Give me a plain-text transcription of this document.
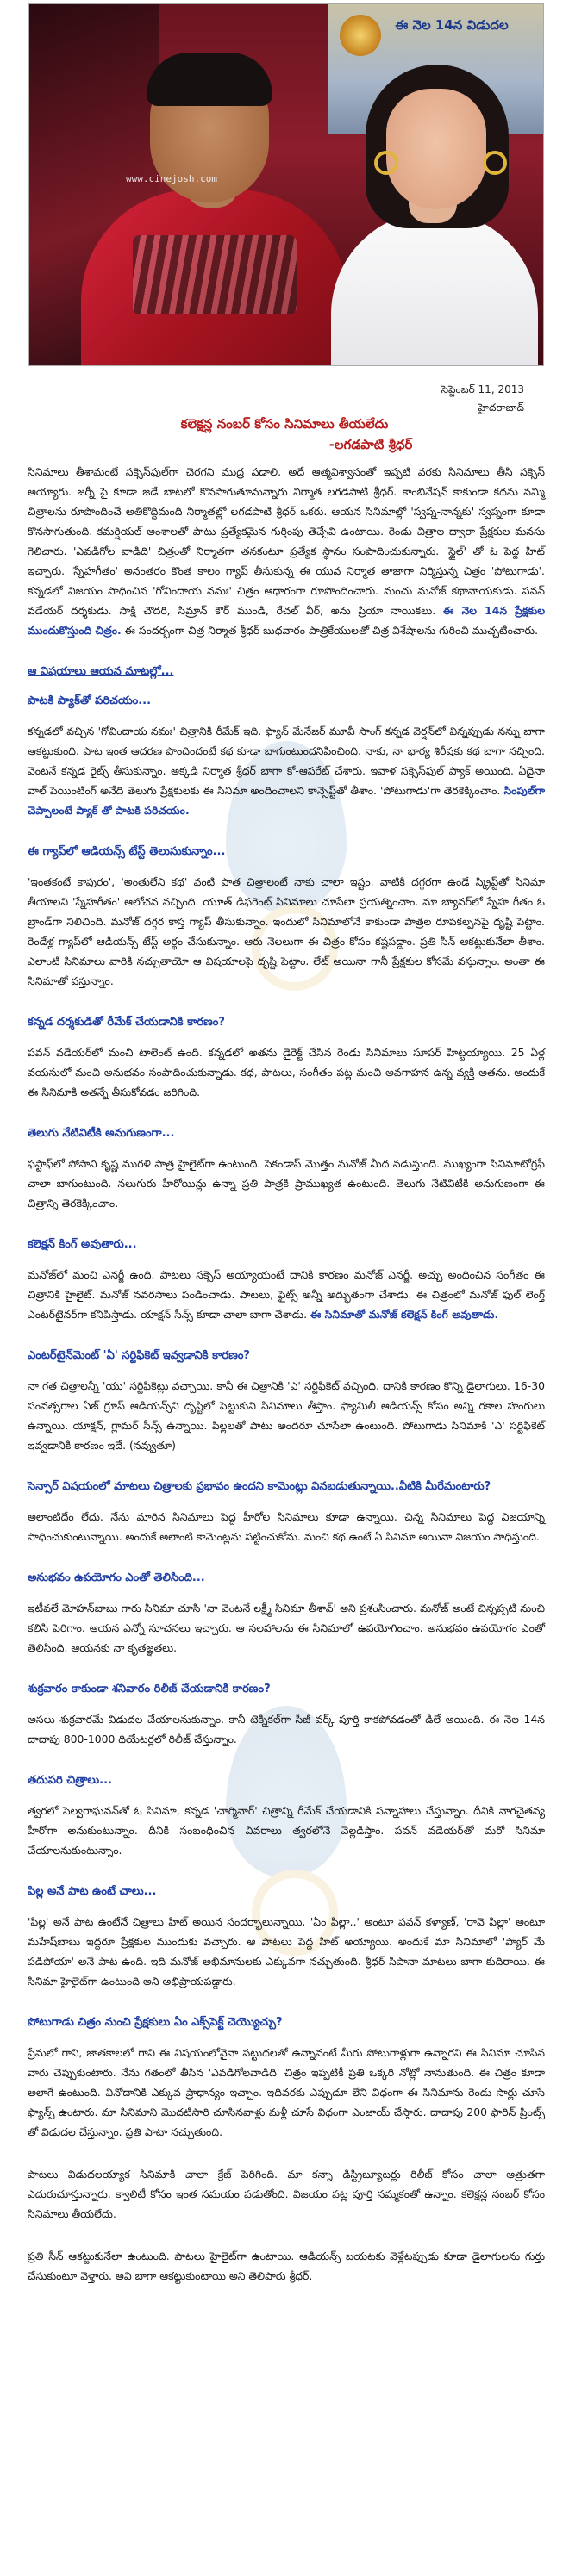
ఈ నెల 14న విడుదల
www.cinejosh.com
సెప్టెంబర్ 11, 2013
హైదరాబాద్
కలెక్షన్ల నంబర్ కోసం సినిమాలు తీయలేదు
-లగడపాటి శ్రీధర్

సినిమాలు తీశామంటే సక్సెస్‌ఫుల్‌గా చెరగని ముద్ర పడాలి. అదే ఆత్మవిశ్వాసంతో ఇప్పటి వరకు సినిమాలు తీసి సక్సెస్ అయ్యారు. జర్నీ పై కూడా జడే బాటలో కొనసాగుతూనున్నారు నిర్మాత లగడపాటి శ్రీధర్. కాంబినేషన్ కాకుండా కథను నమ్మి చిత్రాలను రూపొందించే అతికొద్దిమంది నిర్మాతల్లో లగడపాటి శ్రీధర్ ఒకరు. ఆయన సినిమాల్లో 'స్వప్న-నాన్నకు' స్వప్నంగా కూడా కొనసాగుతుంది. కమర్షియల్ అంశాలతో పాటు ప్రత్యేకమైన గుర్తింపు తెచ్చేవి ఉంటాయి. రెండు చిత్రాల ద్వారా ప్రేక్షకుల మనసు గెలిచారు. 'ఎవడిగోల వాడిది' చిత్రంతో నిర్మాతగా తనకంటూ ప్రత్యేక స్థానం సంపాదించుకున్నారు. 'స్టైల్' తో ఓ పెద్ద హిట్ ఇచ్చారు. 'స్నేహగీతం' అనంతరం కొంత కాలం గ్యాప్ తీసుకున్న ఈ యువ నిర్మాత తాజాగా నిర్మిస్తున్న చిత్రం 'పోటుగాడు'. కన్నడలో విజయం సాధించిన 'గోవిందాయ నమః' చిత్రం ఆధారంగా రూపొందించారు. మంచు మనోజ్ కథానాయకుడు. పవన్ వడేయర్ దర్శకుడు. సాక్షి చౌదరి, సిమ్రాన్ కౌర్ ముండి, రేచల్ వీర్, అను ప్రియా నాయికలు. ఈ నెల 14న ప్రేక్షకుల ముందుకొస్తుంది చిత్రం. ఈ సందర్భంగా చిత్ర నిర్మాత శ్రీధర్ బుధవారం పాత్రికేయులతో చిత్ర విశేషాలను గురించి ముచ్చటించారు.

ఆ విషయాలు ఆయన మాటల్లో...
పాటకి ప్యాక్‌తో పరిచయం...

కన్నడలో వచ్చిన 'గోవిందాయ నమః' చిత్రానికి రీమేక్ ఇది. ఫ్యాన్ మేనేజర్ మూవీ సాంగ్ కన్నడ వెర్షన్‌లో విన్నప్పుడు నన్ను బాగా ఆకట్టుకుంది. పాట ఇంత ఆదరణ పొందిందంటే కథ కూడా బాగుంటుందనిపించింది. నాకు, నా భార్య శిరీషకు కథ బాగా నచ్చింది. వెంటనే కన్నడ రైట్స్ తీసుకున్నాం. అక్కడి నిర్మాత శ్రీధర్ బాగా కో-ఆపరేట్ చేశారు. ఇవాళ సక్సెస్‌ఫుల్ ప్యాక్ అయింది. ఏదైనా వాల్ పెయింటింగ్ అనేది తెలుగు ప్రేక్షకులకు ఈ సినిమా అందించాలని కాన్సెప్ట్‌తో తీశాం. 'పోటుగాడు'గా తెరకెక్కించాం. సింపుల్‌గా చెప్పాలంటే ప్యాక్ తో పాటకి పరిచయం.

ఈ గ్యాప్‌లో ఆడియన్స్ టేస్ట్ తెలుసుకున్నాం...

'ఇంతకంటే కాపురం', 'అంతులేని కథ' వంటి పాత చిత్రాలంటే నాకు చాలా ఇష్టం. వాటికి దగ్గరగా ఉండే స్క్రిప్ట్‌తో సినిమా తీయాలని 'స్నేహగీతం' ఆలోచన వచ్చింది. యూత్ డిఫరెంట్ సినిమాలు చూసేలా ప్రయత్నించాం. మా బ్యానర్‌లో స్నేహ గీతం ఓ బ్రాండ్‌గా నిలిచింది. మనోజ్ దగ్గర కాస్త గ్యాప్ తీసుకున్నాం. ఇందులో సినిమాలోనే కాకుండా పాత్రల రూపకల్పనపై దృష్టి పెట్టాం. రెండేళ్ల గ్యాప్‌లో ఆడియన్స్ టేస్ట్ అర్థం చేసుకున్నాం. ఆరు నెలలుగా ఈ చిత్రం కోసం కష్టపడ్డాం. ప్రతి సీన్ ఆకట్టుకునేలా తీశాం. ఎలాంటి సినిమాలు వారికి నచ్చుతాయో ఆ విషయాలపై దృష్టి పెట్టాం. లేట్ అయినా గానీ ప్రేక్షకుల కోసమే వస్తున్నాం. అంతా ఈ సినిమాతో వస్తున్నాం.

కన్నడ దర్శకుడితో రీమేక్ చేయడానికి కారణం?

పవన్ వడేయర్‌లో మంచి టాలెంట్ ఉంది. కన్నడలో అతను డైరెక్ట్ చేసిన రెండు సినిమాలు సూపర్ హిట్టయ్యాయి. 25 ఏళ్ల వయసులో మంచి అనుభవం సంపాదించుకున్నాడు. కథ, పాటలు, సంగీతం పట్ల మంచి అవగాహన ఉన్న వ్యక్తి అతను. అందుకే ఈ సినిమాకి అతన్నే తీసుకోవడం జరిగింది.

తెలుగు నేటివిటీకి అనుగుణంగా...

ఫస్టాఫ్‌లో పోసాని కృష్ణ మురళి పాత్ర హైలైట్‌గా ఉంటుంది. సెకండాఫ్ మొత్తం మనోజ్ మీద నడుస్తుంది. ముఖ్యంగా సినిమాటోగ్రఫీ చాలా బాగుంటుంది. నలుగురు హీరోయిన్లు ఉన్నా ప్రతి పాత్రకి ప్రాముఖ్యత ఉంటుంది. తెలుగు నేటివిటీకి అనుగుణంగా ఈ చిత్రాన్ని తెరకెక్కించాం.

కలెక్షన్ కింగ్ అవుతారు...

మనోజ్‌లో మంచి ఎనర్జీ ఉంది. పాటలు సక్సెస్ అయ్యాయంటే దానికి కారణం మనోజ్ ఎనర్జీ. అచ్చు అందించిన సంగీతం ఈ చిత్రానికి హైలైట్. మనోజ్ నవరసాలు పండించాడు. పాటలు, ఫైట్స్ అన్నీ అద్భుతంగా చేశాడు. ఈ చిత్రంలో మనోజ్ ఫుల్ లెంగ్త్ ఎంటర్‌టైనర్‌గా కనిపిస్తాడు. యాక్షన్ సీన్స్ కూడా చాలా బాగా చేశాడు. ఈ సినిమాతో మనోజ్ కలెక్షన్ కింగ్ అవుతాడు.

ఎంటర్‌టైన్‌మెంట్‌ 'ఏ' సర్టిఫికెట్ ఇవ్వడానికి కారణం?

నా గత చిత్రాలన్నీ 'యు' సర్టిఫికెట్లు వచ్చాయి. కానీ ఈ చిత్రానికి 'ఎ' సర్టిఫికెట్ వచ్చింది. దానికి కారణం కొన్ని డైలాగులు. 16-30 సంవత్సరాల ఏజ్ గ్రూప్ ఆడియన్స్‌ని దృష్టిలో పెట్టుకుని సినిమాలు తీస్తాం. ఫ్యామిలీ ఆడియన్స్ కోసం అన్ని రకాల హంగులు ఉన్నాయి. యాక్షన్, గ్లామర్ సీన్స్ ఉన్నాయి. పిల్లలతో పాటు అందరూ చూసేలా ఉంటుంది. పోటుగాడు సినిమాకి 'ఎ' సర్టిఫికెట్ ఇవ్వడానికి కారణం ఇదే. (నవ్వుతూ)

సెన్సార్ విషయంలో మాటలు చిత్రాలకు ప్రభావం ఉందని కామెంట్లు వినబడుతున్నాయి..వీటికి మీరేమంటారు?

అలాంటిదేం లేదు. నేను మారిన సినిమాలు పెద్ద హీరోల సినిమాలు కూడా ఉన్నాయి. చిన్న సినిమాలు పెద్ద విజయాన్ని సాధించుకుంటున్నాయి. అందుకే అలాంటి కామెంట్లను పట్టించుకోను. మంచి కథ ఉంటే ఏ సినిమా అయినా విజయం సాధిస్తుంది.

అనుభవం ఉపయోగం ఎంతో తెలిసింది...

ఇటీవలే మోహన్‌బాబు గారు సినిమా చూసి 'నా వెంటనే లక్ష్మీ సినిమా తీశావ్' అని ప్రశంసించారు. మనోజ్ అంటే చిన్నప్పటి నుంచి కలిసి పెరిగాం. ఆయన ఎన్నో సూచనలు ఇచ్చారు. ఆ సలహాలను ఈ సినిమాలో ఉపయోగించాం. అనుభవం ఉపయోగం ఎంతో తెలిసింది. ఆయనకు నా కృతజ్ఞతలు.

శుక్రవారం కాకుండా శనివారం రిలీజ్ చేయడానికి కారణం?

అసలు శుక్రవారమే విడుదల చేయాలనుకున్నాం. కానీ టెక్నికల్‌గా సీజీ వర్క్ పూర్తి కాకపోవడంతో డిలే అయింది. ఈ నెల 14న దాదాపు 800-1000 థియేటర్లలో రిలీజ్ చేస్తున్నాం.

తదుపరి చిత్రాలు...

త్వరలో సెల్వరాఘవన్‌తో ఓ సినిమా, కన్నడ 'చార్మినార్' చిత్రాన్ని రీమేక్ చేయడానికి సన్నాహాలు చేస్తున్నాం. దీనికి నాగచైతన్య హీరోగా అనుకుంటున్నాం. దీనికి సంబంధించిన వివరాలు త్వరలోనే వెల్లడిస్తాం. పవన్ వడేయర్‌తో మరో సినిమా చేయాలనుకుంటున్నాం.

పిల్ల అనే పాట ఉంటే చాలు...

'పిల్ల' అనే పాట ఉంటేనే చిత్రాలు హిట్ అయిన సందర్భాలున్నాయి. 'ఏం పిల్లా..' అంటూ పవన్ కళ్యాణ్, 'రావె పిల్లా' అంటూ మహేష్‌బాబు ఇద్దరూ ప్రేక్షకుల ముందుకు వచ్చారు. ఆ పాటలు పెద్ద హిట్ అయ్యాయి. అందుకే మా సినిమాలో 'ప్యార్ మే పడిపోయా' అనే పాట ఉంది. ఇది మనోజ్ అభిమానులకు ఎక్కువగా నచ్చుతుంది. శ్రీధర్ సిపానా మాటలు బాగా కుదిరాయి. ఈ సినిమా హైలైట్‌గా ఉంటుంది అని అభిప్రాయపడ్డారు.

పోటుగాడు చిత్రం నుంచి ప్రేక్షకులు ఏం ఎక్స్‌పెక్ట్ చెయ్యొచ్చు?

ప్రేమలో గాని, జాతకాలలో గాని ఈ విషయంలోనైనా పట్టుదలతో ఉన్నావంటే మీరు పోటుగాళ్లుగా ఉన్నారని ఈ సినిమా చూసిన వారు చెప్పుకుంటారు. నేను గతంలో తీసిన 'ఎవడిగోలవాడిది' చిత్రం ఇప్పటికీ ప్రతి ఒక్కరి నోట్లో నానుతుంది. ఈ చిత్రం కూడా అలాగే ఉంటుంది. వినోదానికి ఎక్కువ ప్రాధాన్యం ఇచ్చాం. ఇదివరకు ఎప్పుడూ లేని విధంగా ఈ సినిమాను రెండు సార్లు చూసే ఫ్యాన్స్ ఉంటారు. మా సినిమాని మొదటిసారి చూసినవాళ్లు మళ్లీ చూసే విధంగా ఎంజాయ్ చేస్తారు. దాదాపు 200 ఫారిన్ ప్రింట్స్ తో విడుదల చేస్తున్నాం. ప్రతి పాటా నచ్చుతుంది.

పాటలు విడుదలయ్యాక సినిమాకి చాలా క్రేజ్ పెరిగింది. మా కన్నా డిస్ట్రిబ్యూటర్లు రిలీజ్ కోసం చాలా ఆత్రుతగా ఎదురుచూస్తున్నారు. క్వాలిటీ కోసం ఇంత సమయం పడుతోంది. విజయం పట్ల పూర్తి నమ్మకంతో ఉన్నాం. కలెక్షన్ల నంబర్ కోసం సినిమాలు తీయలేదు.

ప్రతి సీన్ ఆకట్టుకునేలా ఉంటుంది. పాటలు హైలైట్‌గా ఉంటాయి. ఆడియన్స్ బయటకు వెళ్లేటప్పుడు కూడా డైలాగులను గుర్తు చేసుకుంటూ వెళ్తారు. అవి బాగా ఆకట్టుకుంటాయి అని తెలిపారు శ్రీధర్.
